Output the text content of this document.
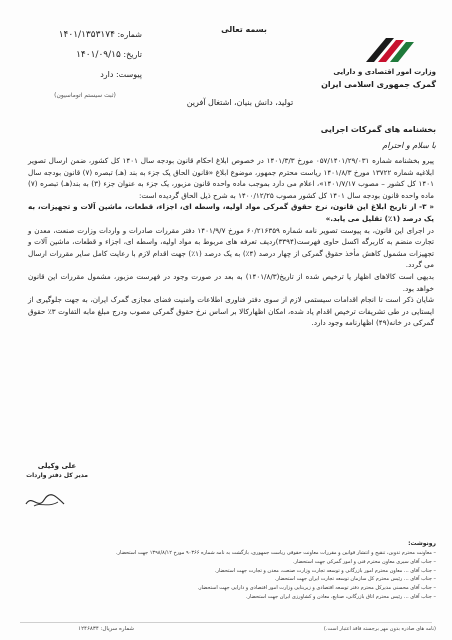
بسمه تعالی
شماره: ۱۴۰۱/۱۳۵۳۱۷۴
تاریخ: ۱۴۰۱/۰۹/۱۵
پیوست: دارد
(ثبت سیستم اتوماسیون)
وزارت امور اقتصادی و دارایی
گمرک جمهوری اسلامی ایران
تولید، دانش بنیان، اشتغال آفرین
بخشنامه های گمرکات اجرایی
با سلام و احترام

پیرو بخشنامه شماره ۰۵۷/۱۴۰۱/۲۹/۰۳۱ مورخ ۱۴۰۱/۳/۳ در خصوص ابلاغ احکام قانون بودجه سال ۱۴۰۱ کل کشور، ضمن ارسال تصویر ابلاغیه شماره ۱۳۷۲۲ مورخ ۱۴۰۱/۸/۳ ریاست محترم جمهور، موضوع ابلاغ «قانون الحاق یک جزء به بند (هـ) تبصره (۷) قانون بودجه سال ۱۴۰۱ کل کشور – مصوب ۱۴۰۱/۷/۱۷»، اعلام می دارد بموجب ماده واحده قانون مزبور، یک جزء به عنوان جزء (۳) به بند(هـ) تبصره (۷) ماده واحده قانون بودجه سال ۱۴۰۱ کل کشور مصوب ۱۴۰۰/۱۲/۲۵ به شرح ذیل الحاق گردیده است:

« ۳- از تاریخ ابلاغ این قانون، نرخ حقوق گمرکی مواد اولیه، واسطه ای، اجزاء، قطعات، ماشین آلات و تجهیزات، به یک درصد (۱٪) تقلیل می یابد.»

در اجرای این قانون، به پیوست تصویر نامه شماره ۶۰/۲۱۶۳۵۹ مورخ ۱۴۰۱/۹/۷ دفتر مقررات صادرات و واردات وزارت صنعت، معدن و تجارت منضم به کاربرگه اکسل حاوی فهرست(۳۳۹۴)ردیف تعرفه های مربوط به مواد اولیه، واسطه ای، اجزاء و قطعات، ماشین آلات و تجهیزات مشمول کاهش مأخذ حقوق گمرکی از چهار درصد (۴٪) به یک درصد (۱٪) جهت اقدام لازم با رعایت کامل سایر مقررات ارسال می گردد.

بدیهی است کالاهای اظهار یا ترخیص شده از تاریخ(۱۴۰۱/۸/۳) به بعد در صورت وجود در فهرست مزبور، مشمول مقررات این قانون خواهد بود.

شایان ذکر است تا انجام اقدامات سیستمی لازم از سوی دفتر فناوری اطلاعات وامنیت فضای مجازی گمرک ایران، به جهت جلوگیری از ایستایی در طی تشریفات ترخیص اقدام یاد شده، امکان اظهارکالا بر اساس نرخ حقوق گمرکی مصوب ودرج مبلغ مابه التفاوت ۳٪ حقوق گمرکی در خانه(۴۹) اظهارنامه وجود دارد.

علی وکیلی
مدیر کل دفتر واردات
رونوشت:
– معاونت محترم تدوین، تنقیح و انتشار قوانین و مقررات معاونت حقوقی ریاست جمهوری، بازگشت به نامه شماره ۹۰۳۶۶ مورخ ۱۳۹۸/۸/۱۲ جهت استحضار.
– جناب آقای سیری معاون محترم فنی و امور گمرکی جهت استحضار.
– جناب آقای ... معاون محترم امور بازرگانی و توسعه تجارت وزارت صنعت، معدن و تجارت جهت استحضار.
– جناب آقای ... رئیس محترم کل سازمان توسعه تجارت ایران جهت استحضار.
– جناب آقای محسنی مدیرکل محترم دفتر توسعه اقتصادی و زیربنایی وزارت امور اقتصادی و دارایی جهت استحضار.
– جناب آقای ... رئیس محترم اتاق بازرگانی، صنایع، معادن و کشاورزی ایران جهت استحضار.
(نامه های صادره بدون مهر برجسته فاقد اعتبار است.)
شماره سریال: ۱۲۴۶۸۳۴
